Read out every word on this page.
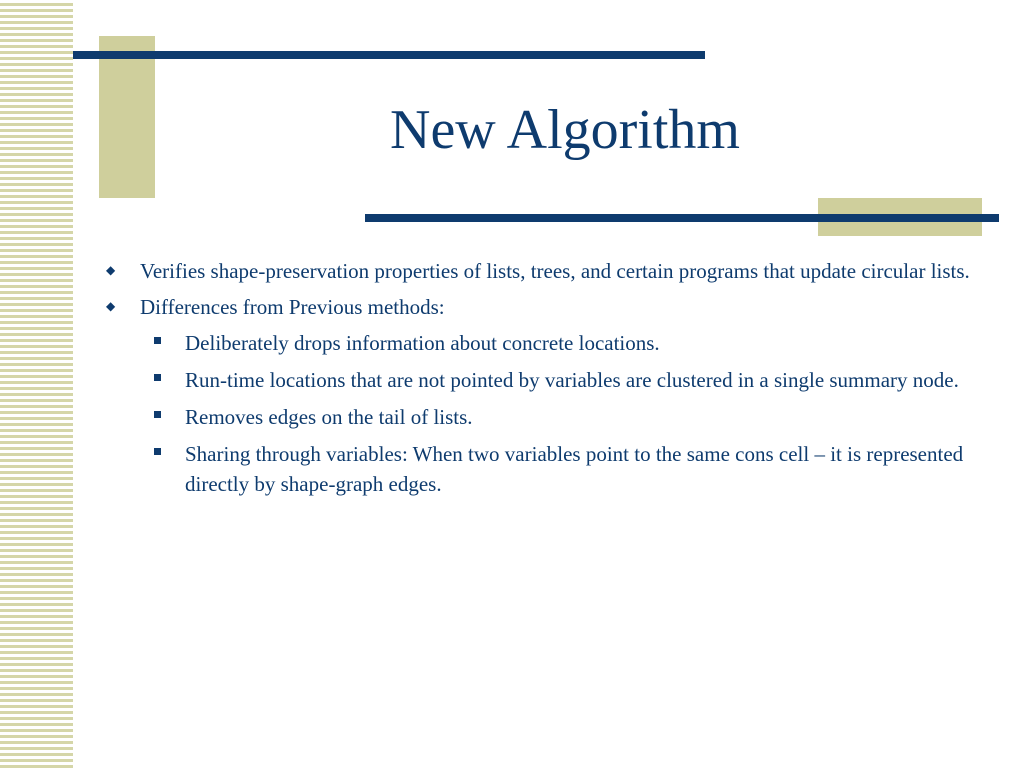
New Algorithm
◆ Verifies shape-preservation properties of lists, trees, and certain programs that update circular lists.
◆ Differences from Previous methods:
Deliberately drops information about concrete locations.
Run-time locations that are not pointed by variables are clustered in a single summary node.
Removes edges on the tail of lists.
Sharing through variables: When two variables point to the same cons cell – it is represented directly by shape-graph edges.
